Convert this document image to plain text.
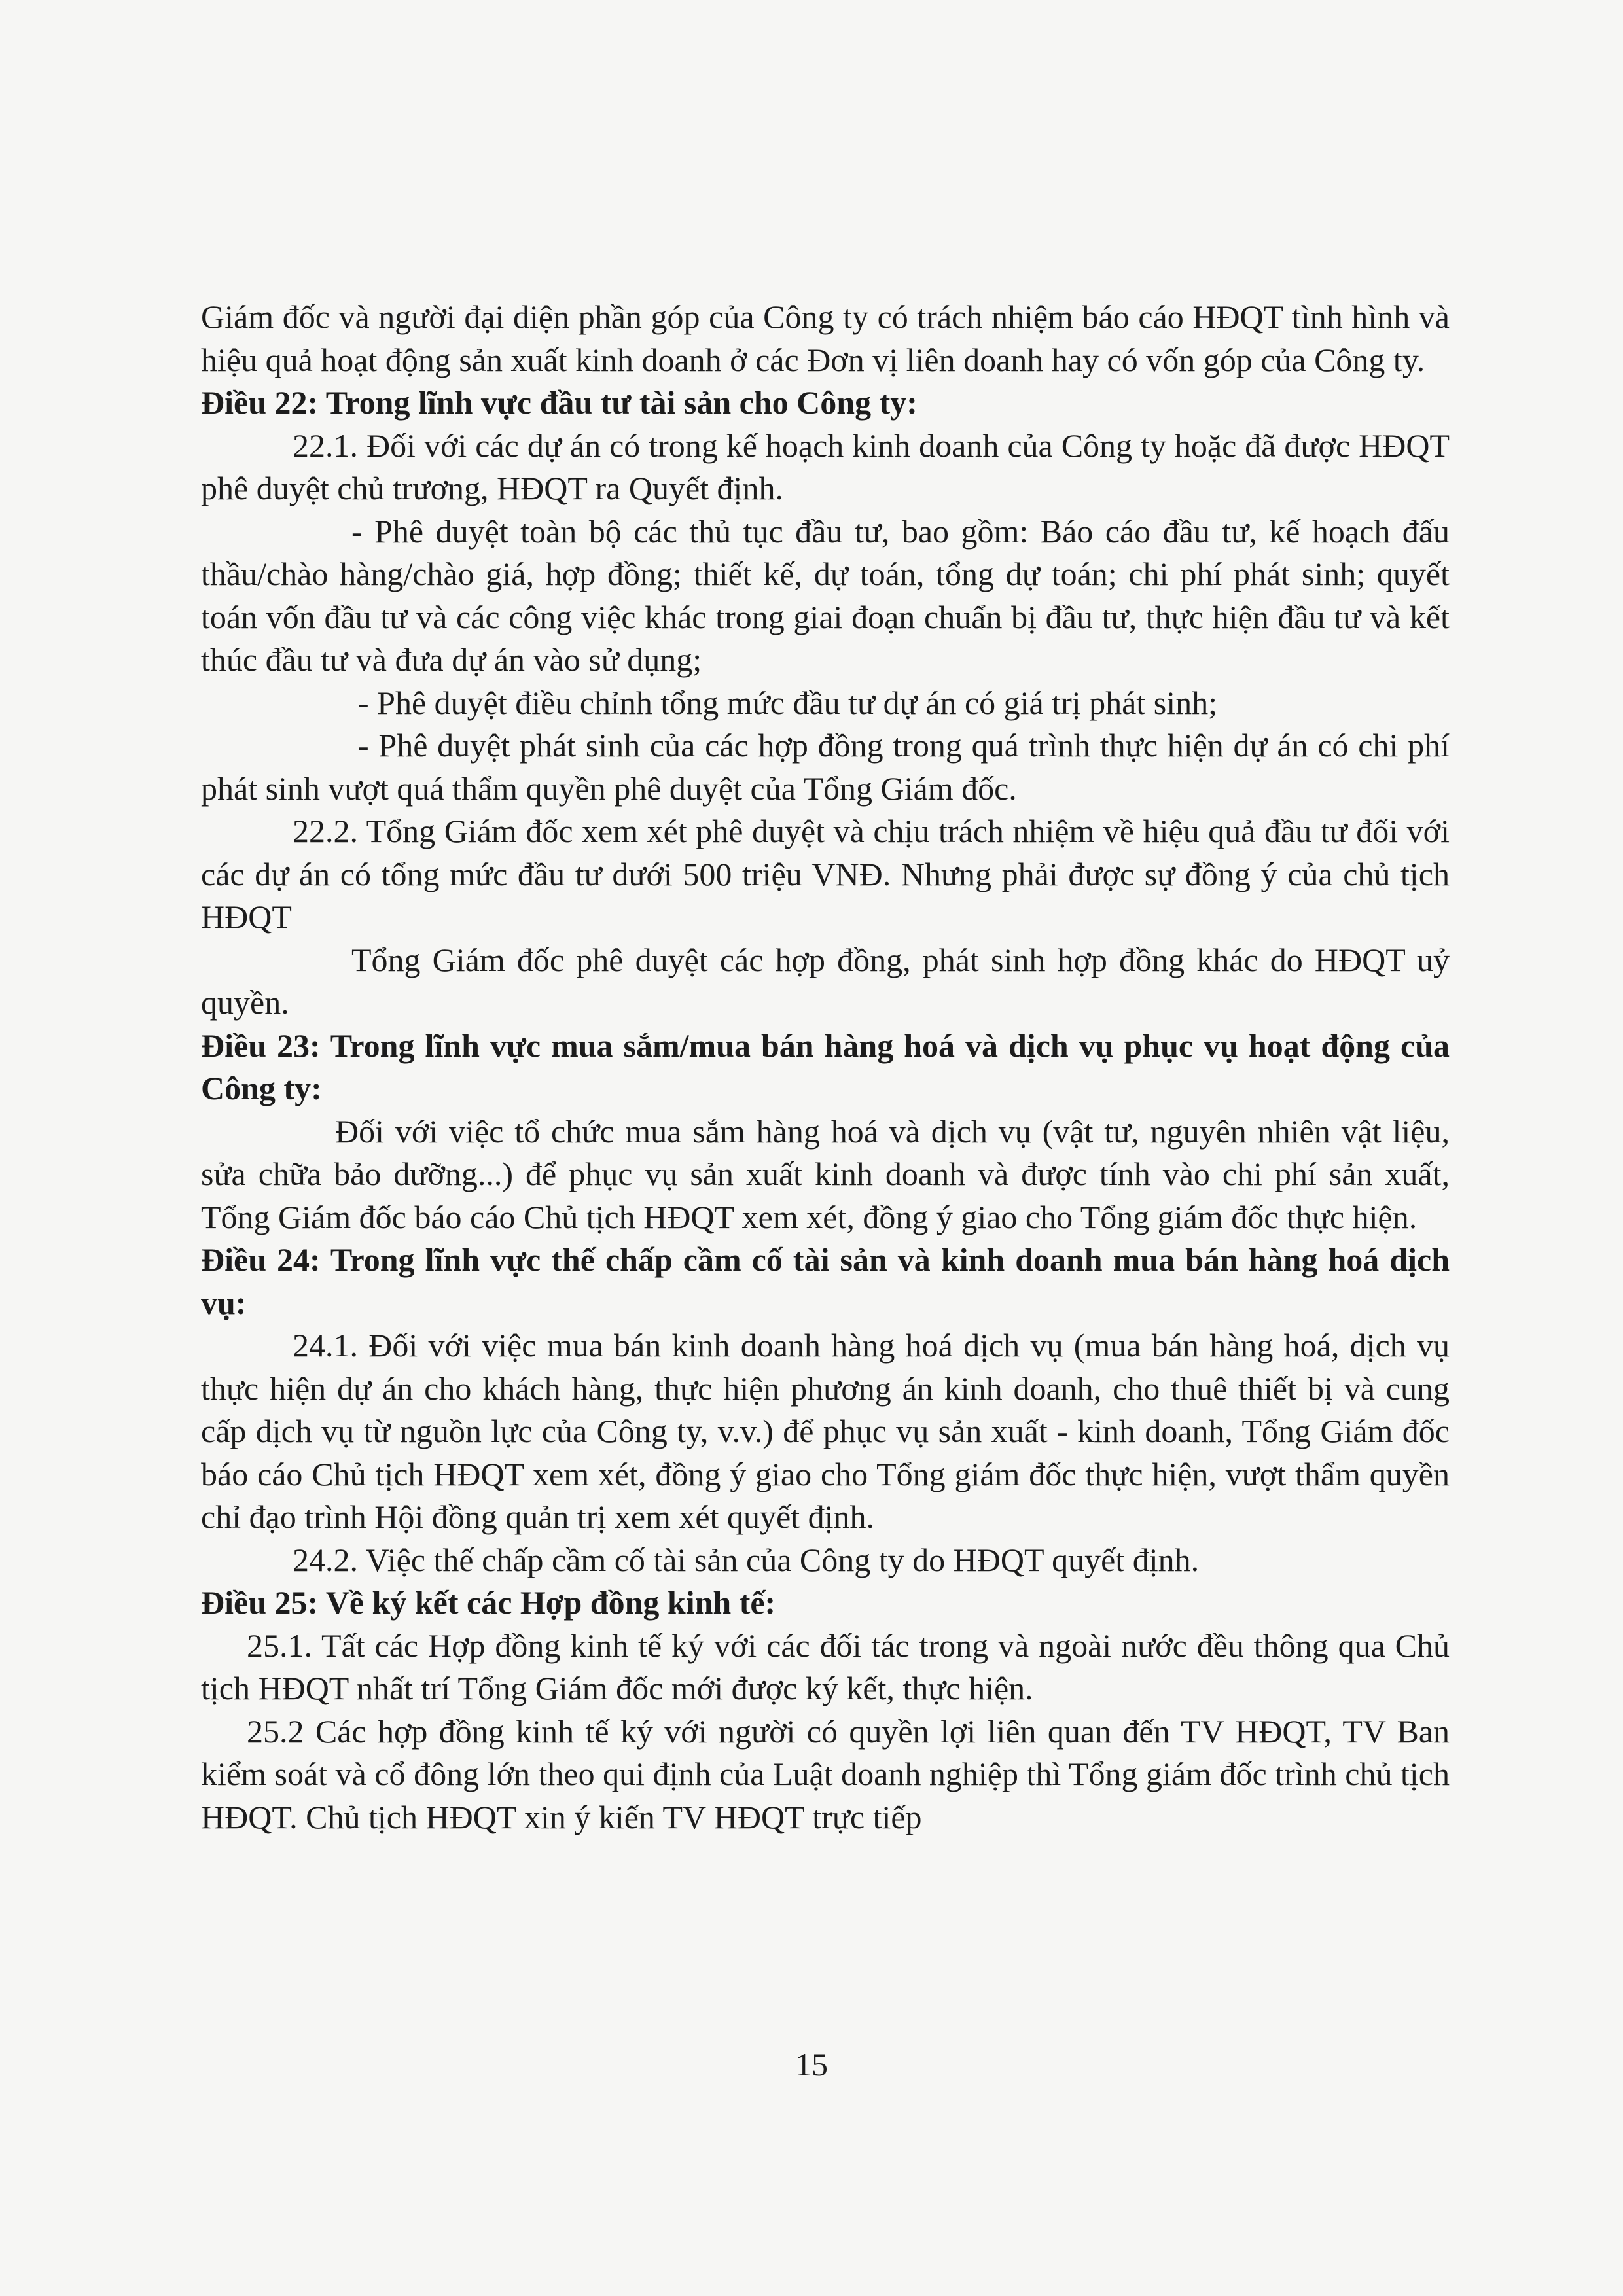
Giám đốc và người đại diện phần góp của Công ty có trách nhiệm báo cáo HĐQT tình hình và hiệu quả hoạt động sản xuất kinh doanh ở các Đơn vị liên doanh hay có vốn góp của Công ty.

Điều 22: Trong lĩnh vực đầu tư tài sản cho Công ty:

22.1. Đối với các dự án có trong kế hoạch kinh doanh của Công ty hoặc đã được HĐQT phê duyệt chủ trương, HĐQT ra Quyết định.

- Phê duyệt toàn bộ các thủ tục đầu tư, bao gồm: Báo cáo đầu tư, kế hoạch đấu thầu/chào hàng/chào giá, hợp đồng; thiết kế, dự toán, tổng dự toán; chi phí phát sinh; quyết toán vốn đầu tư và các công việc khác trong giai đoạn chuẩn bị đầu tư, thực hiện đầu tư và kết thúc đầu tư và đưa dự án vào sử dụng;

- Phê duyệt điều chỉnh tổng mức đầu tư dự án có giá trị phát sinh;

- Phê duyệt phát sinh của các hợp đồng trong quá trình thực hiện dự án có chi phí phát sinh vượt quá thẩm quyền phê duyệt của Tổng Giám đốc.

22.2. Tổng Giám đốc xem xét phê duyệt và chịu trách nhiệm về hiệu quả đầu tư đối với các dự án có tổng mức đầu tư dưới 500 triệu VNĐ. Nhưng phải được sự đồng ý của chủ tịch HĐQT

Tổng Giám đốc phê duyệt các hợp đồng, phát sinh hợp đồng khác do HĐQT uỷ quyền.

Điều 23: Trong lĩnh vực mua sắm/mua bán hàng hoá và dịch vụ phục vụ hoạt động của Công ty:

Đối với việc tổ chức mua sắm hàng hoá và dịch vụ (vật tư, nguyên nhiên vật liệu, sửa chữa bảo dưỡng...) để phục vụ sản xuất kinh doanh và được tính vào chi phí sản xuất, Tổng Giám đốc báo cáo Chủ tịch HĐQT xem xét, đồng ý giao cho Tổng giám đốc thực hiện.

Điều 24: Trong lĩnh vực thế chấp cầm cố tài sản và kinh doanh mua bán hàng hoá dịch vụ:

24.1. Đối với việc mua bán kinh doanh hàng hoá dịch vụ (mua bán hàng hoá, dịch vụ thực hiện dự án cho khách hàng, thực hiện phương án kinh doanh, cho thuê thiết bị và cung cấp dịch vụ từ nguồn lực của Công ty, v.v.) để phục vụ sản xuất - kinh doanh, Tổng Giám đốc báo cáo Chủ tịch HĐQT xem xét, đồng ý giao cho Tổng giám đốc thực hiện, vượt thẩm quyền chỉ đạo trình Hội đồng quản trị xem xét quyết định.

24.2. Việc thế chấp cầm cố tài sản của Công ty do HĐQT quyết định.

Điều 25: Về ký kết các Hợp đồng kinh tế:

25.1. Tất các Hợp đồng kinh tế ký với các đối tác trong và ngoài nước đều thông qua Chủ tịch HĐQT nhất trí Tổng Giám đốc mới được ký kết, thực hiện.

25.2 Các hợp đồng kinh tế ký với người có quyền lợi liên quan đến TV HĐQT, TV Ban kiểm soát và cổ đông lớn theo qui định của Luật doanh nghiệp thì Tổng giám đốc trình chủ tịch HĐQT. Chủ tịch HĐQT xin ý kiến TV HĐQT trực tiếp

15
